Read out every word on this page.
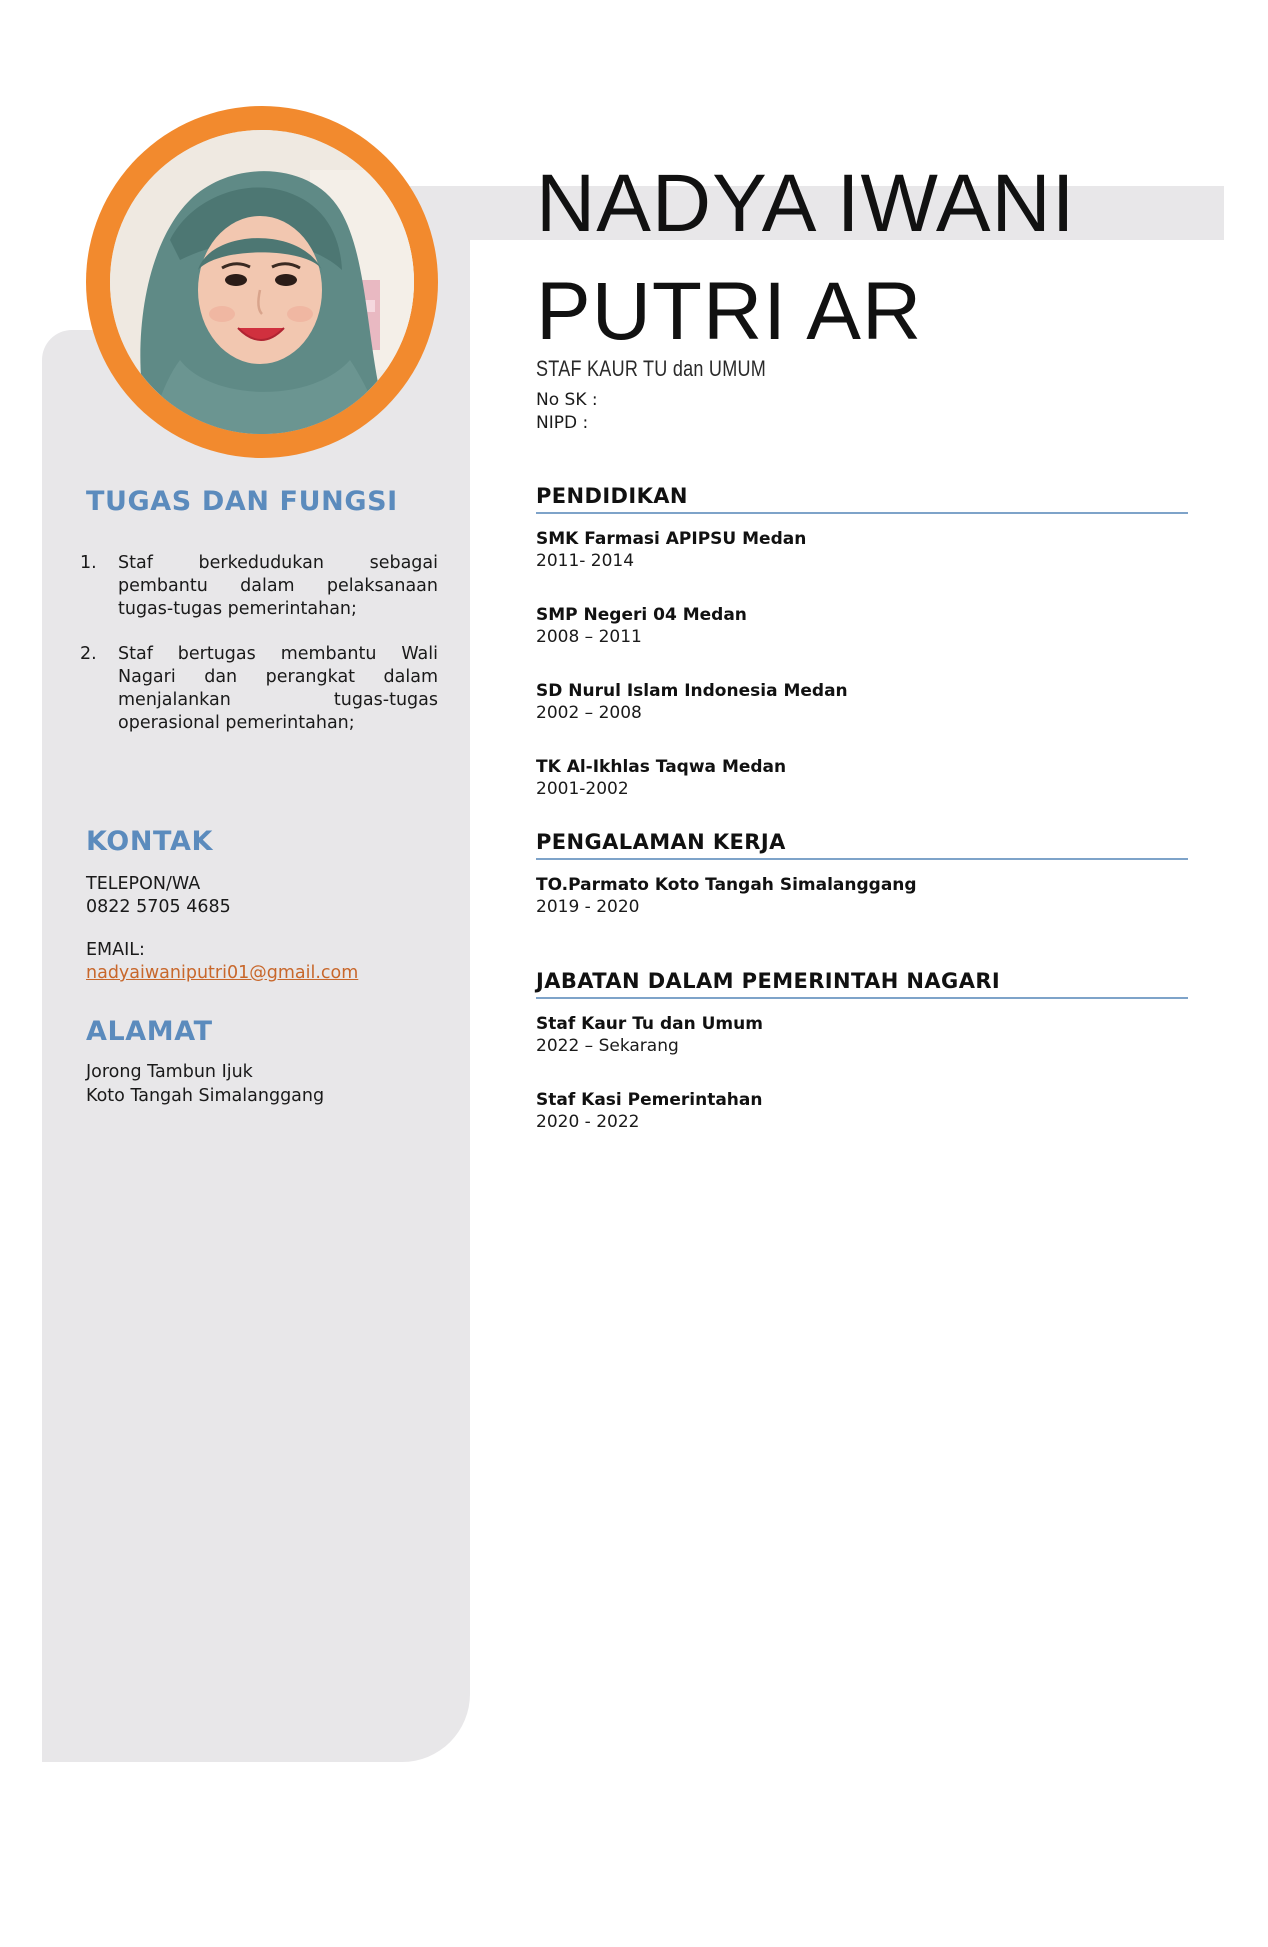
NADYA IWANI
PUTRI AR
STAF KAUR TU dan UMUM
No SK :
NIPD :
TUGAS DAN FUNGSI
1.	Staf berkedudukan sebagai pembantu dalam pelaksanaan tugas-tugas pemerintahan;
2.	Staf bertugas membantu Wali Nagari dan perangkat dalam menjalankan tugas-tugas operasional pemerintahan;
KONTAK
TELEPON/WA
0822 5705 4685
EMAIL:
nadyaiwaniputri01@gmail.com
ALAMAT
Jorong Tambun Ijuk
Koto Tangah Simalanggang
PENDIDIKAN
SMK Farmasi APIPSU Medan
2011- 2014
SMP Negeri 04 Medan
2008 – 2011
SD Nurul Islam Indonesia Medan
2002 – 2008
TK Al-Ikhlas Taqwa Medan
2001-2002
PENGALAMAN KERJA
TO.Parmato Koto Tangah Simalanggang
2019 - 2020
JABATAN DALAM PEMERINTAH NAGARI
Staf Kaur Tu dan Umum
2022 – Sekarang
Staf Kasi Pemerintahan
2020 - 2022
